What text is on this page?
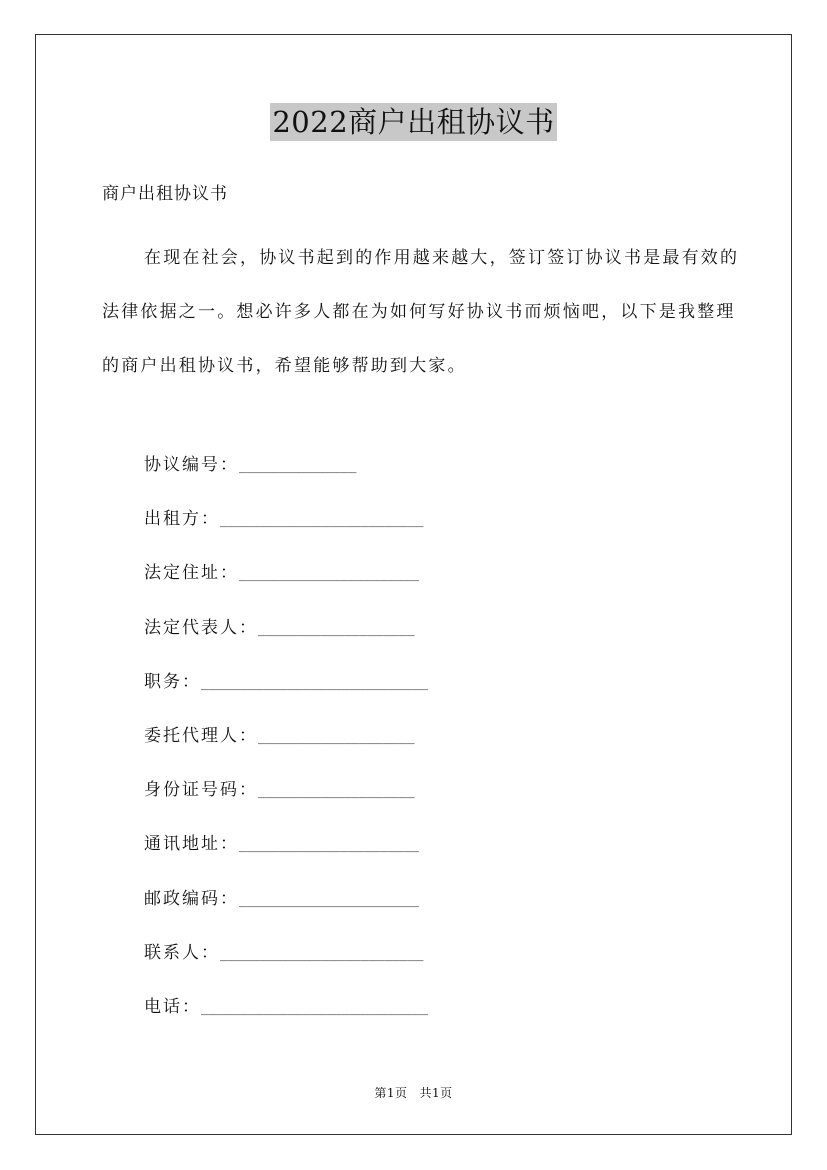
2022商户出租协议书
商户出租协议书

在现在社会，协议书起到的作用越来越大，签订签订协议书是最有效的法律依据之一。想必许多人都在为如何写好协议书而烦恼吧，以下是我整理的商户出租协议书，希望能够帮助到大家。

协议编号：_______________
出租方：__________________________
法定住址：_______________________
法定代表人：____________________
职务：_____________________________
委托代理人：____________________
身份证号码：____________________
通讯地址：_______________________
邮政编码：_______________________
联系人：__________________________
电话：_____________________________
第1页 共1页
